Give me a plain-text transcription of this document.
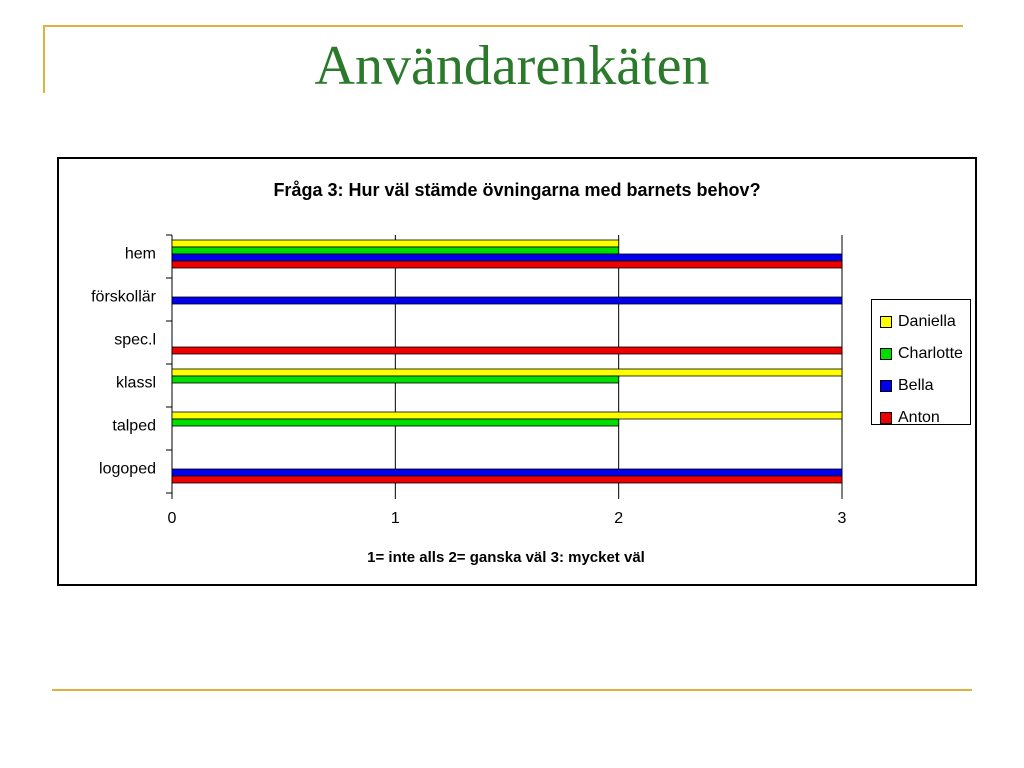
Användarenkäten
Fråga 3: Hur väl stämde övningarna med barnets behov?
0	1	2	3
hem
förskollär
spec.l
klassl
talped
logoped
1= inte alls 2= ganska väl 3: mycket väl
Daniella
Charlotte
Bella
Anton
